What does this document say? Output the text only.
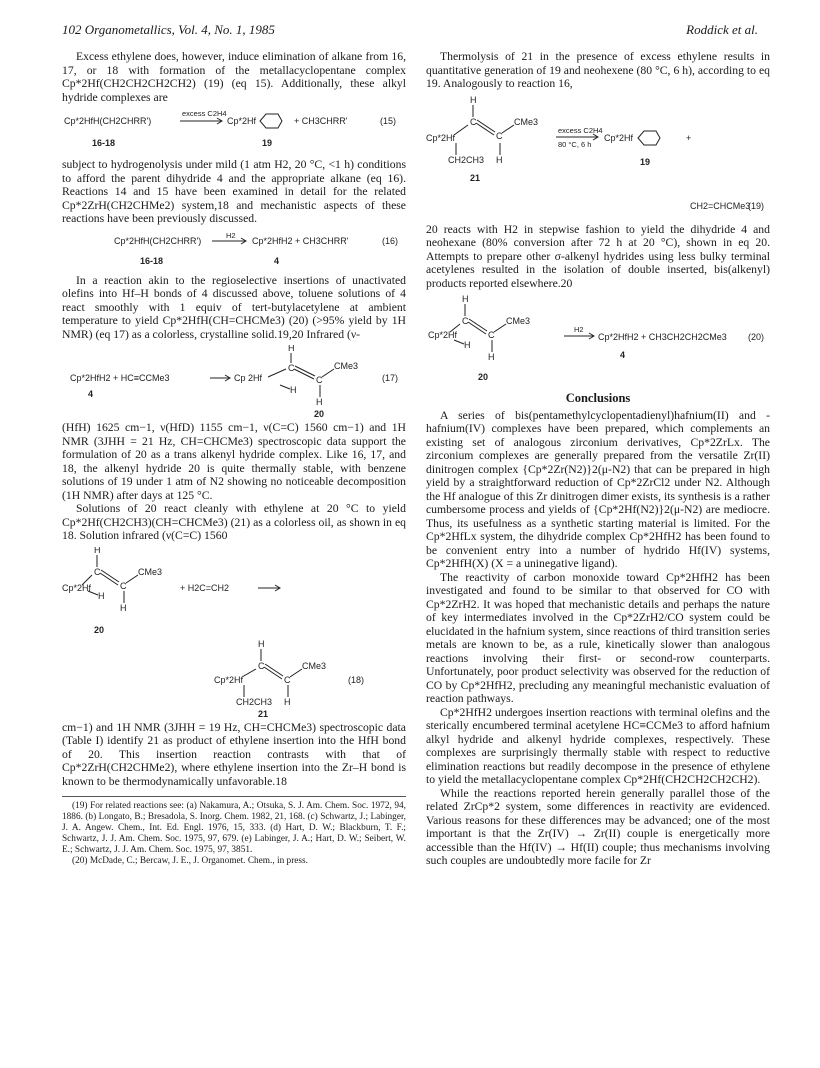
102 Organometallics, Vol. 4, No. 1, 1985	Roddick et al.

Excess ethylene does, however, induce elimination of alkane from 16, 17, or 18 with formation of the metallacyclopentane complex Cp*2Hf(CH2CH2CH2CH2) (19) (eq 15). Additionally, these alkyl hydride complexes are

Cp*2HfH(CH2CHRR')
16-18
excess C2H4
Cp*2Hf
19
+ CH3CHRR'	(15)

subject to hydrogenolysis under mild (1 atm H2, 20 °C, <1 h) conditions to afford the parent dihydride 4 and the appropriate alkane (eq 16). Reactions 14 and 15 have been examined in detail for the related Cp*2ZrH(CH2CHMe2) system,18 and mechanistic aspects of these reactions have been previously discussed.

Cp*2HfH(CH2CHRR')
16-18
H2
Cp*2HfH2 + CH3CHRR'
4
(16)

In a reaction akin to the regioselective insertions of unactivated olefins into Hf–H bonds of 4 discussed above, toluene solutions of 4 react smoothly with 1 equiv of tert-butylacetylene at ambient temperature to yield Cp*2HfH(CH=CHCMe3) (20) (>95% yield by 1H NMR) (eq 17) as a colorless, crystalline solid.19,20 Infrared (ν-

Cp*2HfH2 + HC≡CCMe3
4
Cp 2Hf
H
C
C
CMe3
H
H
20
(17)

(HfH) 1625 cm−1, ν(HfD) 1155 cm−1, ν(C=C) 1560 cm−1) and 1H NMR (3JHH = 21 Hz, CH=CHCMe3) spectroscopic data support the formulation of 20 as a trans alkenyl hydride complex. Like 16, 17, and 18, the alkenyl hydride 20 is quite thermally stable, with benzene solutions of 19 under 1 atm of N2 showing no noticeable decomposition (1H NMR) after days at 125 °C.

Solutions of 20 react cleanly with ethylene at 20 °C to yield Cp*2Hf(CH2CH3)(CH=CHCMe3) (21) as a colorless oil, as shown in eq 18. Solution infrared (ν(C=C) 1560

H
C
Cp*2Hf	C
CMe3
H
H
20
+ H2C=CH2
H
C
Cp*2Hf	C
CMe3
CH2CH3 H
21
(18)

cm−1) and 1H NMR (3JHH = 19 Hz, CH=CHCMe3) spectroscopic data (Table I) identify 21 as product of ethylene insertion into the HfH bond of 20. This insertion reaction contrasts with that of Cp*2ZrH(CH2CHMe2), where ethylene insertion into the Zr–H bond is known to be thermodynamically unfavorable.18

(19) For related reactions see: (a) Nakamura, A.; Otsuka, S. J. Am. Chem. Soc. 1972, 94, 1886. (b) Longato, B.; Bresadola, S. Inorg. Chem. 1982, 21, 168. (c) Schwartz, J.; Labinger, J. A. Angew. Chem., Int. Ed. Engl. 1976, 15, 333. (d) Hart, D. W.; Blackburn, T. F.; Schwartz, J. J. Am. Chem. Soc. 1975, 97, 679. (e) Labinger, J. A.; Hart, D. W.; Seibert, W. E.; Schwartz, J. J. Am. Chem. Soc. 1975, 97, 3851.

(20) McDade, C.; Bercaw, J. E., J. Organomet. Chem., in press.

Thermolysis of 21 in the presence of excess ethylene results in quantitative generation of 19 and neohexene (80 °C, 6 h), according to eq 19. Analogously to reaction 16,

H
C
Cp*2Hf	C
CMe3
CH2CH3 H
21
excess C2H4
80 °C, 6 h
Cp*2Hf
19
+
CH2=CHCMe3
(19)

20 reacts with H2 in stepwise fashion to yield the dihydride 4 and neohexane (80% conversion after 72 h at 20 °C), shown in eq 20. Attempts to prepare other σ-alkenyl hydrides using less bulky terminal acetylenes resulted in the isolation of double inserted, bis(alkenyl) products reported elsewhere.20

H
C
Cp*2Hf	C
CMe3
H
H
20
H2
Cp*2HfH2 + CH3CH2CH2CMe3
4
(20)
Conclusions

A series of bis(pentamethylcyclopentadienyl)hafnium(II) and -hafnium(IV) complexes have been prepared, which complements an existing set of analogous zirconium derivatives, Cp*2ZrLx. The zirconium complexes are generally prepared from the versatile Zr(II) dinitrogen complex {Cp*2Zr(N2)}2(μ-N2) that can be prepared in high yield by a straightforward reduction of Cp*2ZrCl2 under N2. Although the Hf analogue of this Zr dinitrogen dimer exists, its synthesis is a rather cumbersome process and yields of {Cp*2Hf(N2)}2(μ-N2) are mediocre. Thus, its usefulness as a synthetic starting material is limited. For the Cp*2HfLx system, the dihydride complex Cp*2HfH2 has been found to be convenient entry into a number of hydrido Hf(IV) systems, Cp*2HfH(X) (X = a uninegative ligand).

The reactivity of carbon monoxide toward Cp*2HfH2 has been investigated and found to be similar to that observed for CO with Cp*2ZrH2. It was hoped that mechanistic details and perhaps the nature of key intermediates involved in the Cp*2ZrH2/CO system could be elucidated in the hafnium system, since reactions of third transition series metals are known to be, as a rule, kinetically slower than analogous reactions involving their first- or second-row counterparts. Unfortunately, poor product selectivity was observed for the reduction of CO by Cp*2HfH2, precluding any meaningful mechanistic evaluation of reaction pathways.

Cp*2HfH2 undergoes insertion reactions with terminal olefins and the sterically encumbered terminal acetylene HC≡CCMe3 to afford hafnium alkyl hydride and alkenyl hydride complexes, respectively. These complexes are surprisingly thermally stable with respect to reductive elimination reactions but readily decompose in the presence of ethylene to yield the metallacyclopentane complex Cp*2Hf(CH2CH2CH2CH2).

While the reactions reported herein generally parallel those of the related ZrCp*2 system, some differences in reactivity are evidenced. Various reasons for these differences may be advanced; one of the most important is that the Zr(IV) → Zr(II) couple is energetically more accessible than the Hf(IV) → Hf(II) couple; thus mechanisms involving such couples are undoubtedly more facile for Zr
